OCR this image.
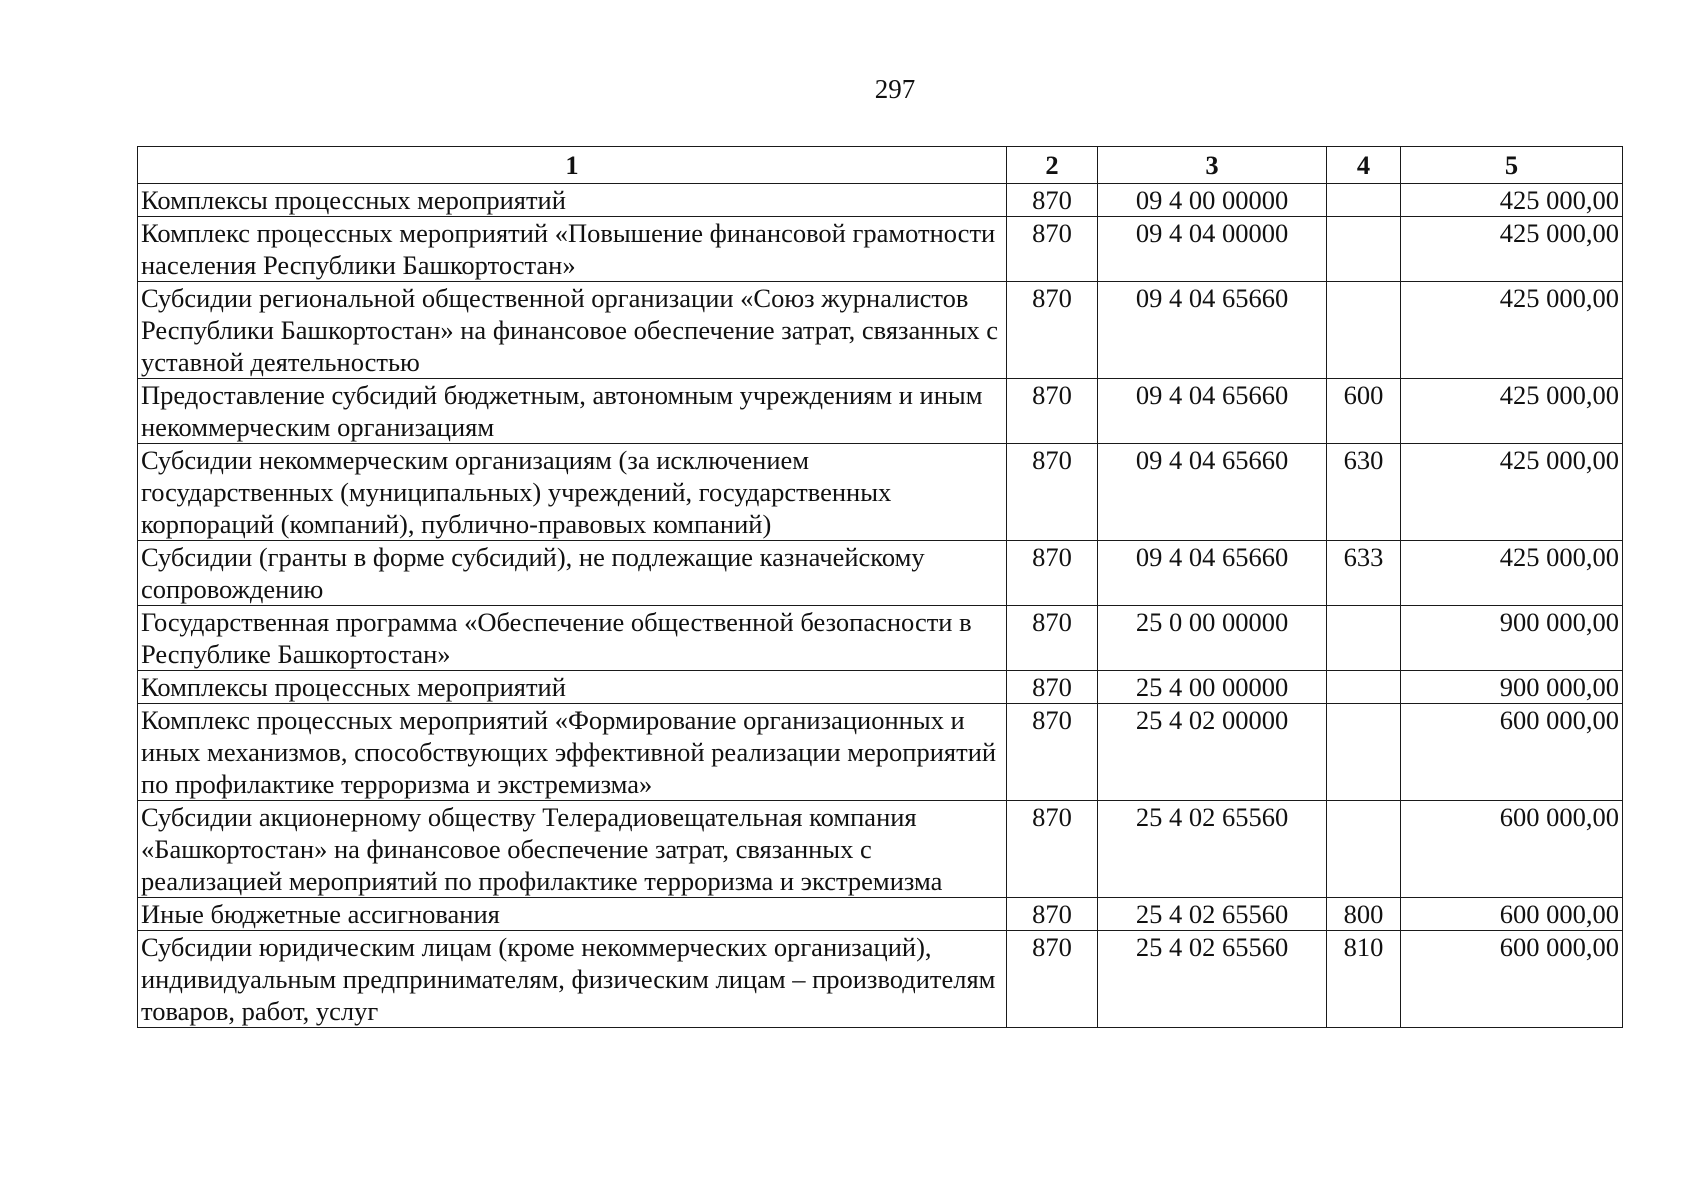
297
1	2	3	4	5
Комплексы процессных мероприятий	870	09 4 00 00000		425 000,00
Комплекс процессных мероприятий «Повышение финансовой грамотности населения Республики Башкортостан»	870	09 4 04 00000		425 000,00
Субсидии региональной общественной организации «Союз журналистов Республики Башкортостан» на финансовое обеспечение затрат, связанных с уставной деятельностью	870	09 4 04 65660		425 000,00
Предоставление субсидий бюджетным, автономным учреждениям и иным некоммерческим организациям	870	09 4 04 65660	600	425 000,00
Субсидии некоммерческим организациям (за исключением государственных (муниципальных) учреждений, государственных корпораций (компаний), публично-правовых компаний)	870	09 4 04 65660	630	425 000,00
Субсидии (гранты в форме субсидий), не подлежащие казначейскому сопровождению	870	09 4 04 65660	633	425 000,00
Государственная программа «Обеспечение общественной безопасности в Республике Башкортостан»	870	25 0 00 00000		900 000,00
Комплексы процессных мероприятий	870	25 4 00 00000		900 000,00
Комплекс процессных мероприятий «Формирование организационных и иных механизмов, способствующих эффективной реализации мероприятий по профилактике терроризма и экстремизма»	870	25 4 02 00000		600 000,00
Субсидии акционерному обществу Телерадиовещательная компания «Башкортостан» на финансовое обеспечение затрат, связанных с реализацией мероприятий по профилактике терроризма и экстремизма	870	25 4 02 65560		600 000,00
Иные бюджетные ассигнования	870	25 4 02 65560	800	600 000,00
Субсидии юридическим лицам (кроме некоммерческих организаций), индивидуальным предпринимателям, физическим лицам – производителям товаров, работ, услуг	870	25 4 02 65560	810	600 000,00
